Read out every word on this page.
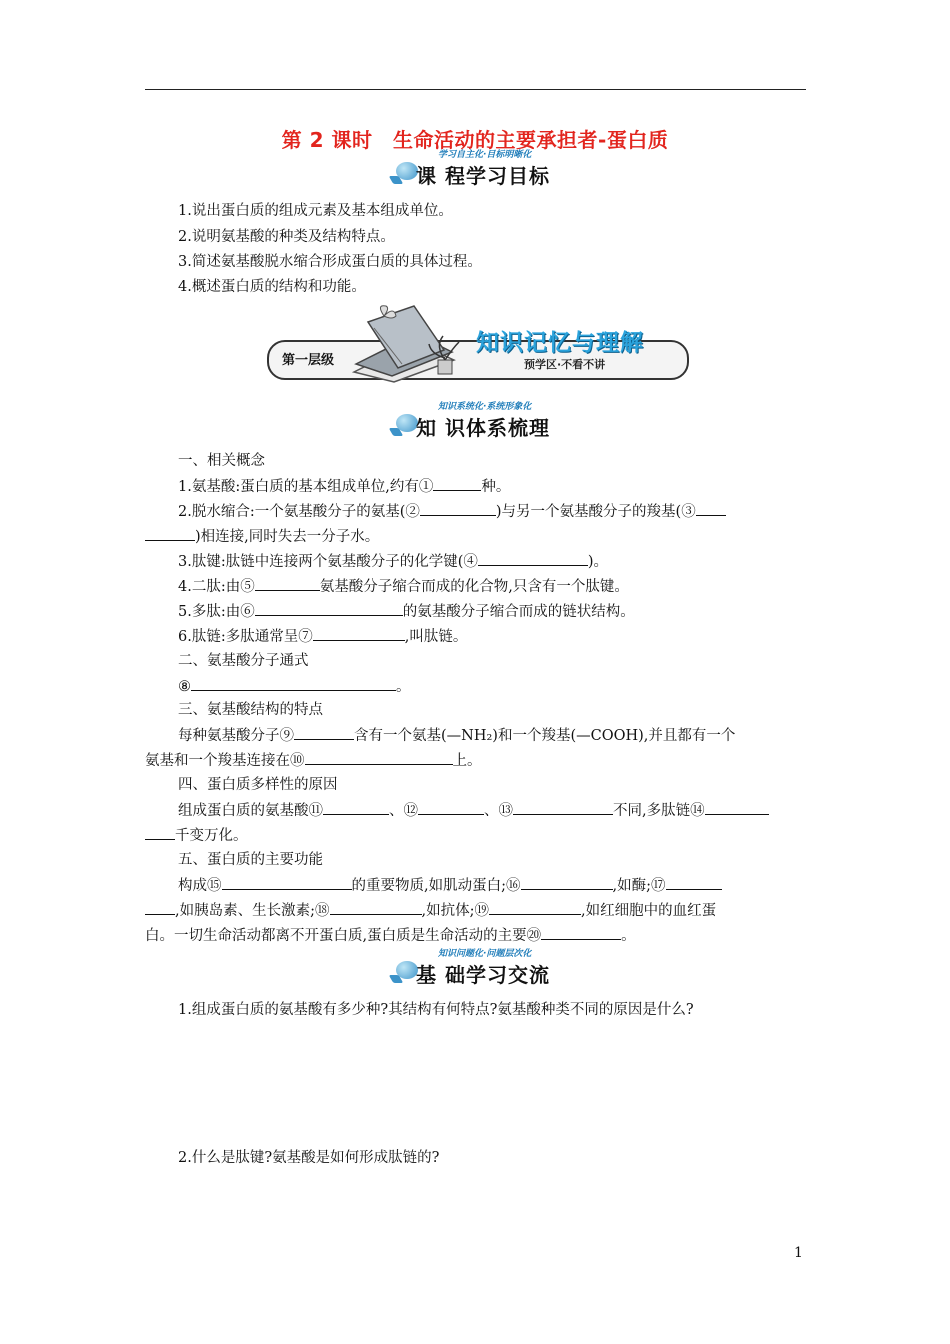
第 2 课时　生命活动的主要承担者-蛋白质
学习自主化·目标明晰化
课 程学习目标
1.说出蛋白质的组成元素及基本组成单位。
2.说明氨基酸的种类及结构特点。
3.简述氨基酸脱水缩合形成蛋白质的具体过程。
4.概述蛋白质的结构和功能。
第一层级
知识记忆与理解
预学区·不看不讲
知识系统化·系统形象化
知 识体系梳理
一、相关概念
1.氨基酸:蛋白质的基本组成单位,约有①	种。
2.脱水缩合:一个氨基酸分子的氨基(②	)与另一个氨基酸分子的羧基(③
)相连接,同时失去一分子水。
3.肽键:肽链中连接两个氨基酸分子的化学键(④	)。
4.二肽:由⑤	氨基酸分子缩合而成的化合物,只含有一个肽键。
5.多肽:由⑥	的氨基酸分子缩合而成的链状结构。
6.肽链:多肽通常呈⑦	,叫肽链。
二、氨基酸分子通式
⑧	。
三、氨基酸结构的特点
每种氨基酸分子⑨	含有一个氨基(—NH₂)和一个羧基(—COOH),并且都有一个
氨基和一个羧基连接在⑩	上。
四、蛋白质多样性的原因
组成蛋白质的氨基酸⑪	、⑫	、⑬	不同,多肽链⑭
千变万化。
五、蛋白质的主要功能
构成⑮	的重要物质,如肌动蛋白;⑯	,如酶;⑰
,如胰岛素、生长激素;⑱	,如抗体;⑲	,如红细胞中的血红蛋
白。一切生命活动都离不开蛋白质,蛋白质是生命活动的主要⑳	。
知识问题化·问题层次化
基 础学习交流
1.组成蛋白质的氨基酸有多少种?其结构有何特点?氨基酸种类不同的原因是什么?
2.什么是肽键?氨基酸是如何形成肽链的?
1
